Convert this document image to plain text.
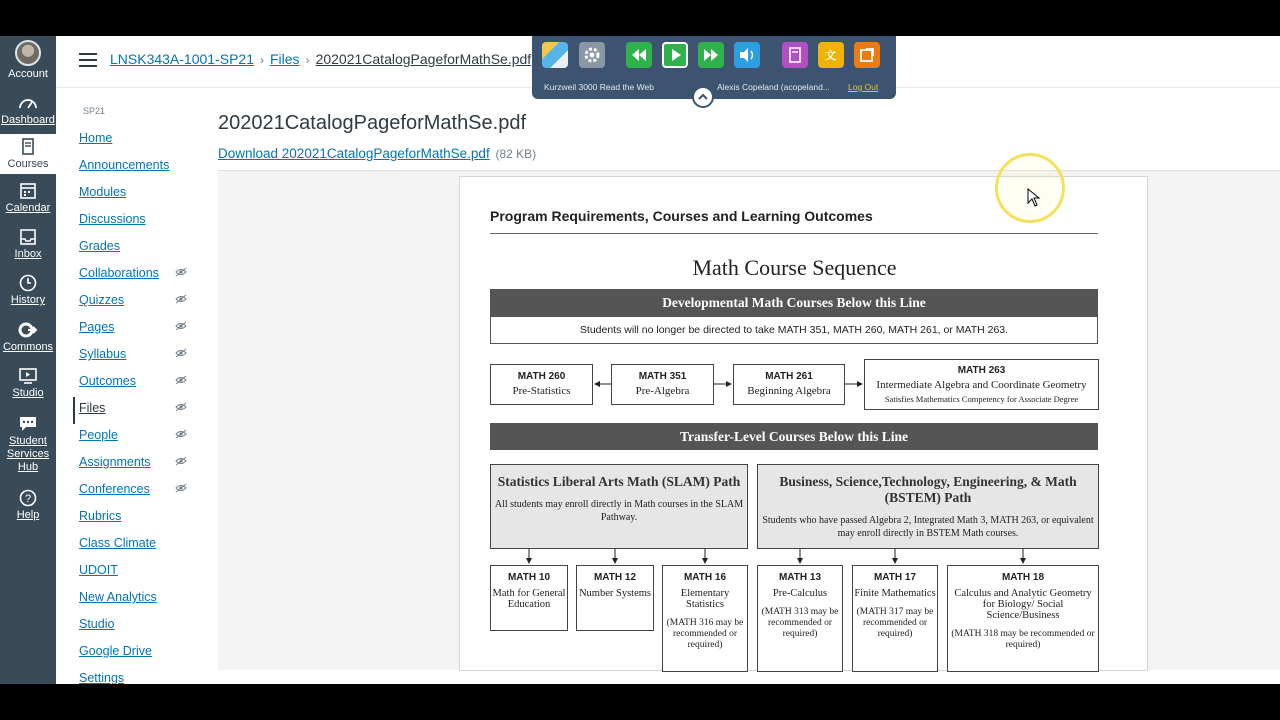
Account
Dashboard
Courses
Calendar
Inbox
History
Commons
Studio
Student Services Hub
?
Help
LNSK343A-1001-SP21 › Files › 202021CatalogPageforMathSe.pdf
SP21
Home
Announcements
Modules
Discussions
Grades
Collaborations
Quizzes
Pages
Syllabus
Outcomes
Files
People
Assignments
Conferences
Rubrics
Class Climate
UDOIT
New Analytics
Studio
Google Drive
Settings
202021CatalogPageforMathSe.pdf
Download 202021CatalogPageforMathSe.pdf (82 KB)
Program Requirements, Courses and Learning Outcomes
Math Course Sequence
Developmental Math Courses Below this Line
Students will no longer be directed to take MATH 351, MATH 260, MATH 261, or MATH 263.
MATH 260
Pre-Statistics
MATH 351
Pre-Algebra
MATH 261
Beginning Algebra
MATH 263
Intermediate Algebra and Coordinate Geometry
Satisfies Mathematics Competency for Associate Degree
Transfer-Level Courses Below this Line
Statistics Liberal Arts Math (SLAM) Path
All students may enroll directly in Math courses in the SLAM Pathway.
Business, Science,Technology, Engineering, & Math (BSTEM) Path
Students who have passed Algebra 2, Integrated Math 3, MATH 263, or equivalent may enroll directly in BSTEM Math courses.
MATH 10
Math for General Education
MATH 12
Number Systems
MATH 16
Elementary Statistics
(MATH 316 may be recommended or required)
MATH 13
Pre-Calculus
(MATH 313 may be recommended or required)
MATH 17
Finite Mathematics
(MATH 317 may be recommended or required)
MATH 18
Calculus and Analytic Geometry for Biology/ Social Science/Business
(MATH 318 may be recommended or required)
文
Kurzweil 3000 Read the Web	Alexis Copeland (acopeland... Log Out
